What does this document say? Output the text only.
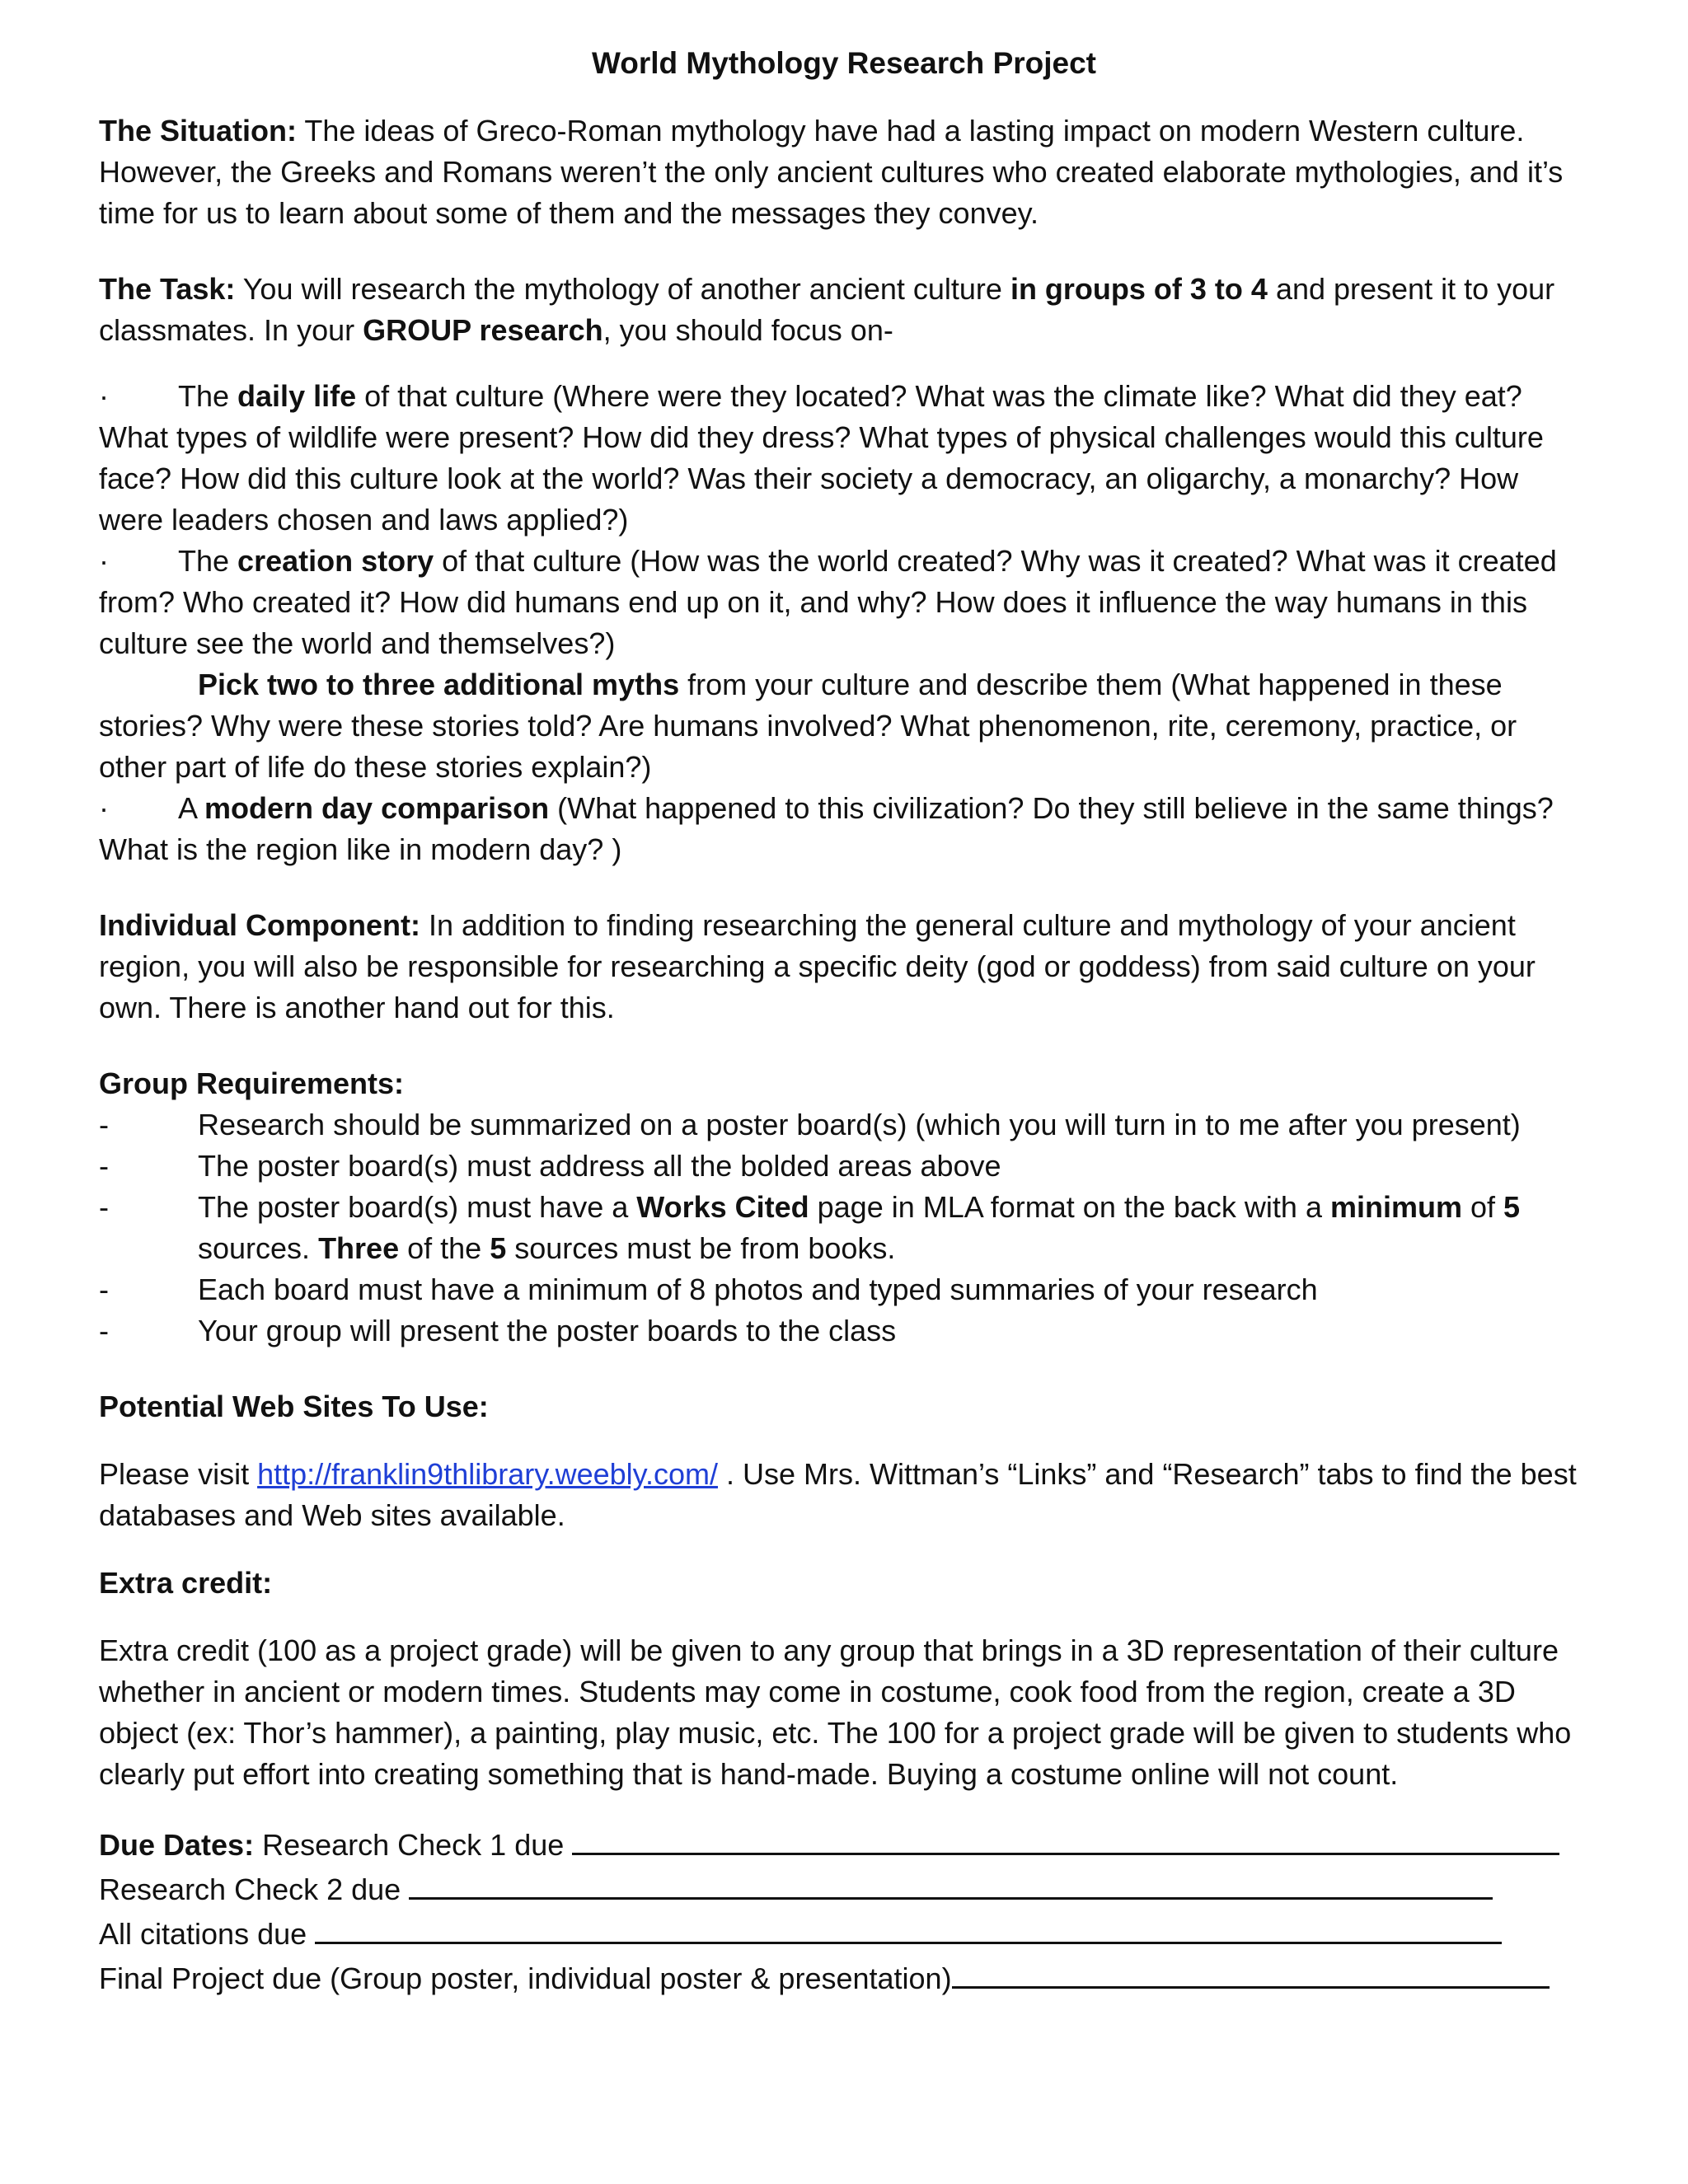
World Mythology Research Project

The Situation: The ideas of Greco-Roman mythology have had a lasting impact on modern Western culture. However, the Greeks and Romans weren’t the only ancient cultures who created elaborate mythologies, and it’s time for us to learn about some of them and the messages they convey.

The Task: You will research the mythology of another ancient culture in groups of 3 to 4 and present it to your classmates. In your GROUP research, you should focus on-

· The daily life of that culture (Where were they located? What was the climate like? What did they eat? What types of wildlife were present? How did they dress? What types of physical challenges would this culture face? How did this culture look at the world? Was their society a democracy, an oligarchy, a monarchy? How were leaders chosen and laws applied?)

· The creation story of that culture (How was the world created? Why was it created? What was it created from? Who created it? How did humans end up on it, and why? How does it influence the way humans in this culture see the world and themselves?)

Pick two to three additional myths from your culture and describe them (What happened in these stories? Why were these stories told? Are humans involved? What phenomenon, rite, ceremony, practice, or other part of life do these stories explain?)

· A modern day comparison (What happened to this civilization? Do they still believe in the same things? What is the region like in modern day? )

Individual Component: In addition to finding researching the general culture and mythology of your ancient region, you will also be responsible for researching a specific deity (god or goddess) from said culture on your own. There is another hand out for this.

Group Requirements:

-	Research should be summarized on a poster board(s) (which you will turn in to me after you present)
-	The poster board(s) must address all the bolded areas above
-	The poster board(s) must have a Works Cited page in MLA format on the back with a minimum of 5 sources. Three of the 5 sources must be from books.
-	Each board must have a minimum of 8 photos and typed summaries of your research
-	Your group will present the poster boards to the class

Potential Web Sites To Use:

Please visit http://franklin9thlibrary.weebly.com/ . Use Mrs. Wittman’s “Links” and “Research” tabs to find the best databases and Web sites available.

Extra credit:

Extra credit (100 as a project grade) will be given to any group that brings in a 3D representation of their culture whether in ancient or modern times. Students may come in costume, cook food from the region, create a 3D object (ex: Thor’s hammer), a painting, play music, etc. The 100 for a project grade will be given to students who clearly put effort into creating something that is hand-made. Buying a costume online will not count.

Due Dates: Research Check 1 due

Research Check 2 due

All citations due

Final Project due (Group poster, individual poster & presentation)
